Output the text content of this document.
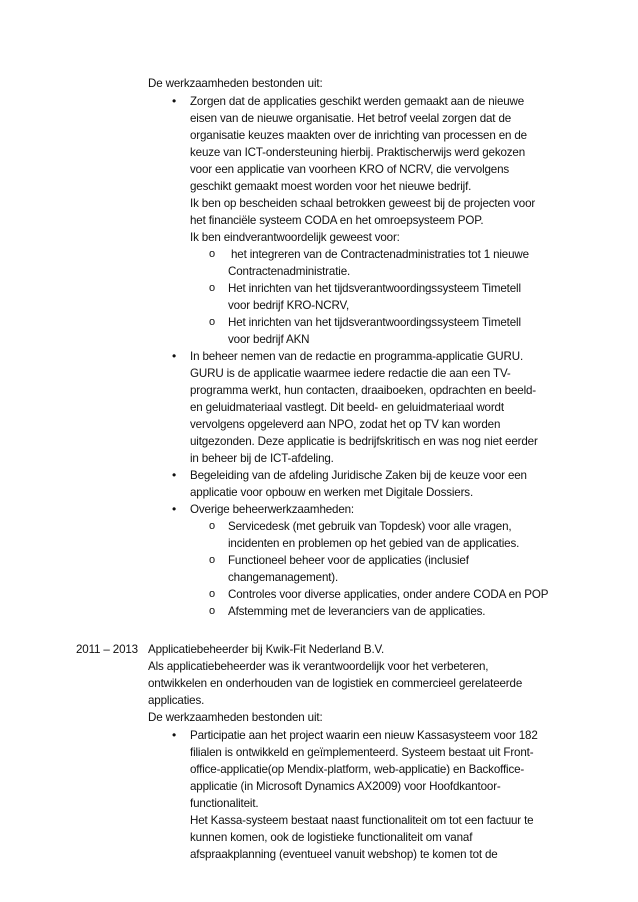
De werkzaamheden bestonden uit:
• Zorgen dat de applicaties geschikt werden gemaakt aan de nieuwe
eisen van de nieuwe organisatie. Het betrof veelal zorgen dat de
organisatie keuzes maakten over de inrichting van processen en de
keuze van ICT-ondersteuning hierbij. Praktischerwijs werd gekozen
voor een applicatie van voorheen KRO of NCRV, die vervolgens
geschikt gemaakt moest worden voor het nieuwe bedrijf.
Ik ben op bescheiden schaal betrokken geweest bij de projecten voor
het financiële systeem CODA en het omroepsysteem POP.
Ik ben eindverantwoordelijk geweest voor:
o het integreren van de Contractenadministraties tot 1 nieuwe
Contractenadministratie.
o Het inrichten van het tijdsverantwoordingssysteem Timetell
voor bedrijf KRO-NCRV,
o Het inrichten van het tijdsverantwoordingssysteem Timetell
voor bedrijf AKN
• In beheer nemen van de redactie en programma-applicatie GURU.
GURU is de applicatie waarmee iedere redactie die aan een TV-
programma werkt, hun contacten, draaiboeken, opdrachten en beeld-
en geluidmateriaal vastlegt. Dit beeld- en geluidmateriaal wordt
vervolgens opgeleverd aan NPO, zodat het op TV kan worden
uitgezonden. Deze applicatie is bedrijfskritisch en was nog niet eerder
in beheer bij de ICT-afdeling.
• Begeleiding van de afdeling Juridische Zaken bij de keuze voor een
applicatie voor opbouw en werken met Digitale Dossiers.
• Overige beheerwerkzaamheden:
o Servicedesk (met gebruik van Topdesk) voor alle vragen,
incidenten en problemen op het gebied van de applicaties.
o Functioneel beheer voor de applicaties (inclusief
changemanagement).
o Controles voor diverse applicaties, onder andere CODA en POP
o Afstemming met de leveranciers van de applicaties.
2011 – 2013 Applicatiebeheerder bij Kwik-Fit Nederland B.V.
Als applicatiebeheerder was ik verantwoordelijk voor het verbeteren,
ontwikkelen en onderhouden van de logistiek en commercieel gerelateerde
applicaties.
De werkzaamheden bestonden uit:
• Participatie aan het project waarin een nieuw Kassasysteem voor 182
filialen is ontwikkeld en geïmplementeerd. Systeem bestaat uit Front-
office-applicatie(op Mendix-platform, web-applicatie) en Backoffice-
applicatie (in Microsoft Dynamics AX2009) voor Hoofdkantoor-
functionaliteit.
Het Kassa-systeem bestaat naast functionaliteit om tot een factuur te
kunnen komen, ook de logistieke functionaliteit om vanaf
afspraakplanning (eventueel vanuit webshop) te komen tot de
